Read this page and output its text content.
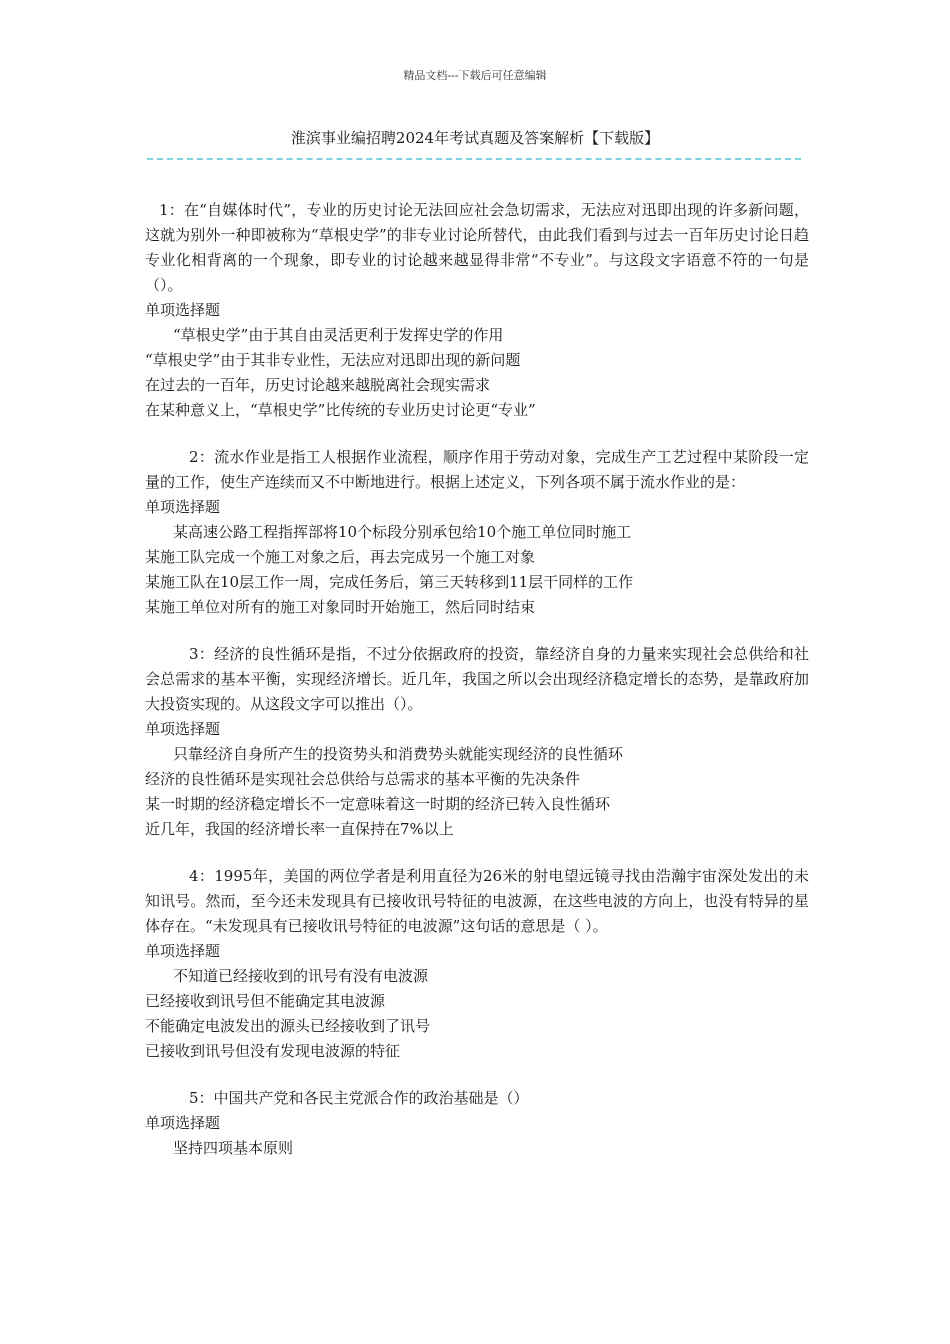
精品文档---下载后可任意编辑
淮滨事业编招聘2024年考试真题及答案解析【下载版】

1：在“自媒体时代”，专业的历史讨论无法回应社会急切需求，无法应对迅即出现的许多新问题，这就为别外一种即被称为“草根史学”的非专业讨论所替代，由此我们看到与过去一百年历史讨论日趋专业化相背离的一个现象，即专业的讨论越来越显得非常“不专业”。与这段文字语意不符的一句是（）。

单项选择题

“草根史学”由于其自由灵活更利于发挥史学的作用

“草根史学”由于其非专业性，无法应对迅即出现的新问题

在过去的一百年，历史讨论越来越脱离社会现实需求

在某种意义上，“草根史学”比传统的专业历史讨论更“专业”

2：流水作业是指工人根据作业流程，顺序作用于劳动对象，完成生产工艺过程中某阶段一定量的工作，使生产连续而又不中断地进行。根据上述定义，下列各项不属于流水作业的是：

单项选择题

某高速公路工程指挥部将10个标段分别承包给10个施工单位同时施工

某施工队完成一个施工对象之后，再去完成另一个施工对象

某施工队在10层工作一周，完成任务后，第三天转移到11层干同样的工作

某施工单位对所有的施工对象同时开始施工，然后同时结束

3：经济的良性循环是指，不过分依据政府的投资，靠经济自身的力量来实现社会总供给和社会总需求的基本平衡，实现经济增长。近几年，我国之所以会出现经济稳定增长的态势，是靠政府加大投资实现的。从这段文字可以推出（）。

单项选择题

只靠经济自身所产生的投资势头和消费势头就能实现经济的良性循环

经济的良性循环是实现社会总供给与总需求的基本平衡的先决条件

某一时期的经济稳定增长不一定意味着这一时期的经济已转入良性循环

近几年，我国的经济增长率一直保持在7%以上

4：1995年，美国的两位学者是利用直径为26米的射电望远镜寻找由浩瀚宇宙深处发出的未知讯号。然而，至今还未发现具有已接收讯号特征的电波源，在这些电波的方向上，也没有特异的星体存在。“未发现具有已接收讯号特征的电波源”这句话的意思是（ ）。

单项选择题

不知道已经接收到的讯号有没有电波源

已经接收到讯号但不能确定其电波源

不能确定电波发出的源头已经接收到了讯号

已接收到讯号但没有发现电波源的特征

5：中国共产党和各民主党派合作的政治基础是（）

单项选择题

坚持四项基本原则
